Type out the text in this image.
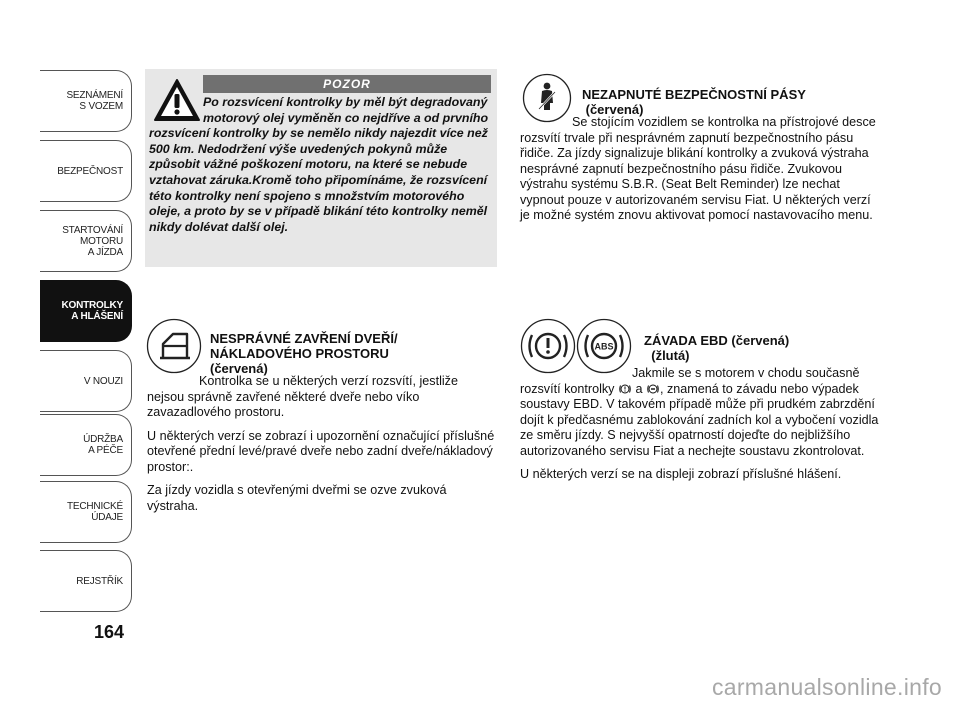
SEZNÁMENÍ
S VOZEM
BEZPEČNOST
STARTOVÁNÍ
MOTORU
A JÍZDA
KONTROLKY
A HLÁŠENÍ
V NOUZI
ÚDRŽBA
A PÉČE
TECHNICKÉ
ÚDAJE
REJSTŘÍK
164
POZOR
Po rozsvícení kontrolky by měl být degradovaný motorový olej vyměněn co nejdříve a od prvního rozsvícení kontrolky by se nemělo nikdy najezdit více než 500 km. Nedodržení výše uvedených pokynů může způsobit vážné poškození motoru, na které se nebude vztahovat záruka.Kromě toho připomínáme, že rozsvícení této kontrolky není spojeno s množstvím motorového oleje, a proto by se v případě blikání této kontrolky neměl nikdy dolévat další olej.

NEZAPNUTÉ BEZPEČNOSTNÍ PÁSY
(červená)

Se stojícím vozidlem se kontrolka na přístrojové desce rozsvítí trvale při nesprávném zapnutí bezpečnostního pásu řidiče. Za jízdy signalizuje blikání kontrolky a zvuková výstraha nesprávné zapnutí bezpečnostního pásu řidiče. Zvukovou výstrahu systému S.B.R. (Seat Belt Reminder) lze nechat vypnout pouze v autorizovaném servisu Fiat. U některých verzí je možné systém znovu aktivovat pomocí nastavovacího menu.

NESPRÁVNÉ ZAVŘENÍ DVEŘÍ/
NÁKLADOVÉHO PROSTORU
(červená)

Kontrolka se u některých verzí rozsvítí, jestliže nejsou správně zavřené některé dveře nebo víko zavazadlového prostoru.

U některých verzí se zobrazí i upozornění označující příslušné otevřené přední levé/pravé dveře nebo zadní dveře/nákladový prostor:.

Za jízdy vozidla s otevřenými dveřmi se ozve zvuková výstraha.

ABS ZÁVADA EBD (červená)
(žlutá)

Jakmile se s motorem v chodu současně rozsvítí kontrolky a , znamená to závadu nebo výpadek soustavy EBD. V takovém případě může při prudkém zabrzdění dojít k předčasnému zablokování zadních kol a vybočení vozidla ze směru jízdy. S nejvyšší opatrností dojeďte do nejbližšího autorizovaného servisu Fiat a nechejte soustavu zkontrolovat.

U některých verzí se na displeji zobrazí příslušné hlášení.

carmanualsonline.info
